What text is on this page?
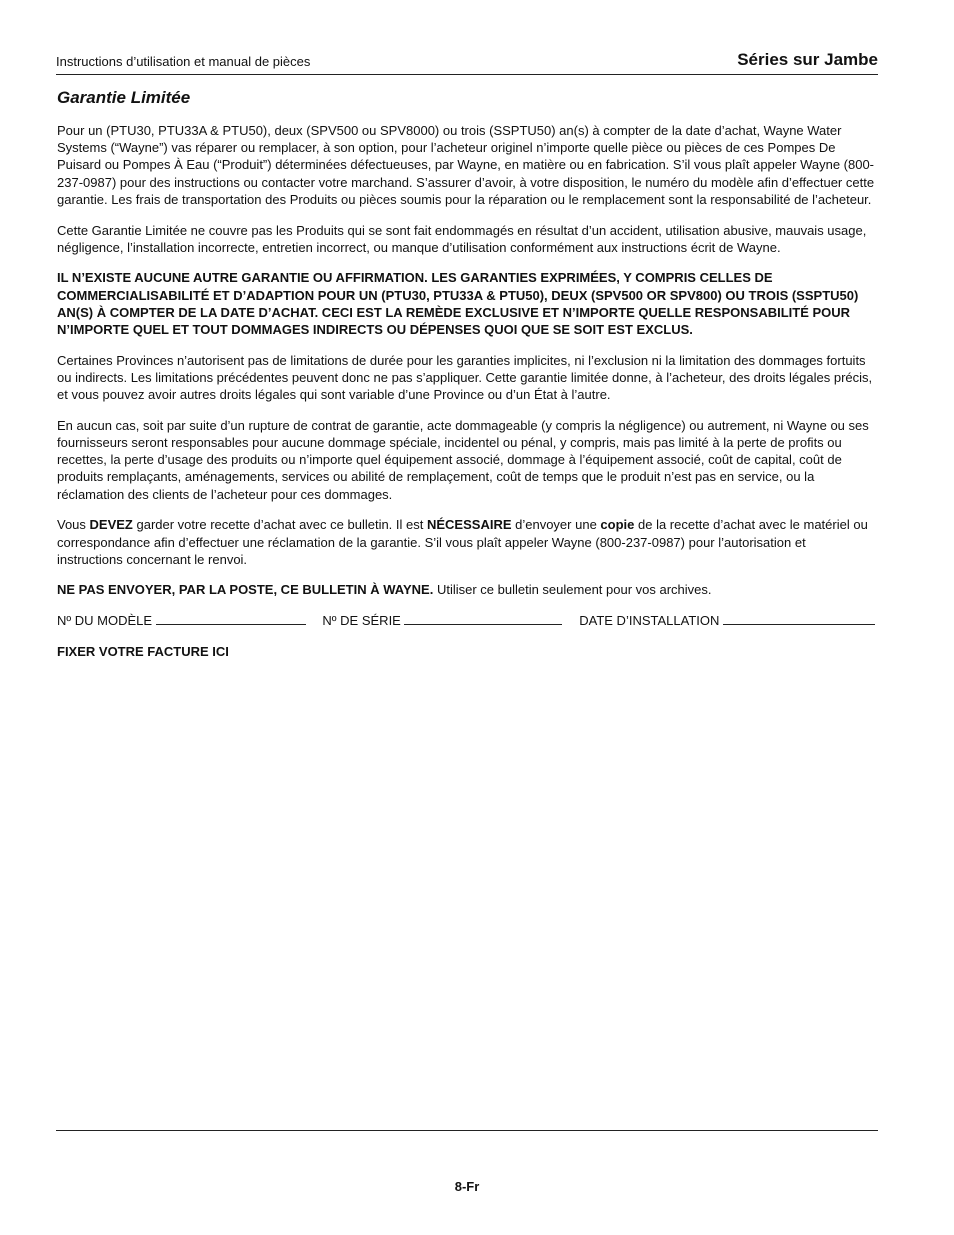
Instructions d’utilisation et manual de pièces	Séries sur Jambe
Garantie Limitée

Pour un (PTU30, PTU33A & PTU50), deux (SPV500 ou SPV8000) ou trois (SSPTU50) an(s) à compter de la date d’achat, Wayne Water Systems (“Wayne”) vas réparer ou remplacer, à son option, pour l’acheteur originel n’importe quelle pièce ou pièces de ces Pompes De Puisard ou Pompes À Eau (“Produit”) déterminées défectueuses, par Wayne, en matière ou en fabrication. S’il vous plaît appeler Wayne (800-237-0987) pour des instructions ou contacter votre marchand. S’assurer d’avoir, à votre disposition, le numéro du modèle afin d’effectuer cette garantie. Les frais de transportation des Produits ou pièces soumis pour la réparation ou le remplacement sont la responsabilité de l’acheteur.

Cette Garantie Limitée ne couvre pas les Produits qui se sont fait endommagés en résultat d’un accident, utilisation abusive, mauvais usage, négligence, l’installation incorrecte, entretien incorrect, ou manque d’utilisation conformément aux instructions écrit de Wayne.

IL N’EXISTE AUCUNE AUTRE GARANTIE OU AFFIRMATION. LES GARANTIES EXPRIMÉES, Y COMPRIS CELLES DE COMMERCIALISABILITÉ ET D’ADAPTION POUR UN (PTU30, PTU33A & PTU50), DEUX (SPV500 OR SPV800) OU TROIS (SSPTU50) AN(S) À COMPTER DE LA DATE D’ACHAT. CECI EST LA REMÈDE EXCLUSIVE ET N’IMPORTE QUELLE RESPONSABILITÉ POUR N’IMPORTE QUEL ET TOUT DOMMAGES INDIRECTS OU DÉPENSES QUOI QUE SE SOIT EST EXCLUS.

Certaines Provinces n’autorisent pas de limitations de durée pour les garanties implicites, ni l’exclusion ni la limitation des dommages fortuits ou indirects. Les limitations précédentes peuvent donc ne pas s’appliquer. Cette garantie limitée donne, à l’acheteur, des droits légales précis, et vous pouvez avoir autres droits légales qui sont variable d’une Province ou d’un État à l’autre.

En aucun cas, soit par suite d’un rupture de contrat de garantie, acte dommageable (y compris la négligence) ou autrement, ni Wayne ou ses fournisseurs seront responsables pour aucune dommage spéciale, incidentel ou pénal, y compris, mais pas limité à la perte de profits ou recettes, la perte d’usage des produits ou n’importe quel équipement associé, dommage à l’équipement associé, coût de capital, coût de produits remplaçants, aménagements, services ou abilité de remplaçement, coût de temps que le produit n’est pas en service, ou la réclamation des clients de l’acheteur pour ces dommages.

Vous DEVEZ garder votre recette d’achat avec ce bulletin. Il est NÉCESSAIRE d’envoyer une copie de la recette d’achat avec le matériel ou correspondance afin d’effectuer une réclamation de la garantie. S’il vous plaît appeler Wayne (800-237-0987) pour l’autorisation et instructions concernant le renvoi.

NE PAS ENVOYER, PAR LA POSTE, CE BULLETIN À WAYNE. Utiliser ce bulletin seulement pour vos archives.

Nº DU MODÈLE	Nº DE SÉRIE	DATE D’INSTALLATION
FIXER VOTRE FACTURE ICI
8-Fr
